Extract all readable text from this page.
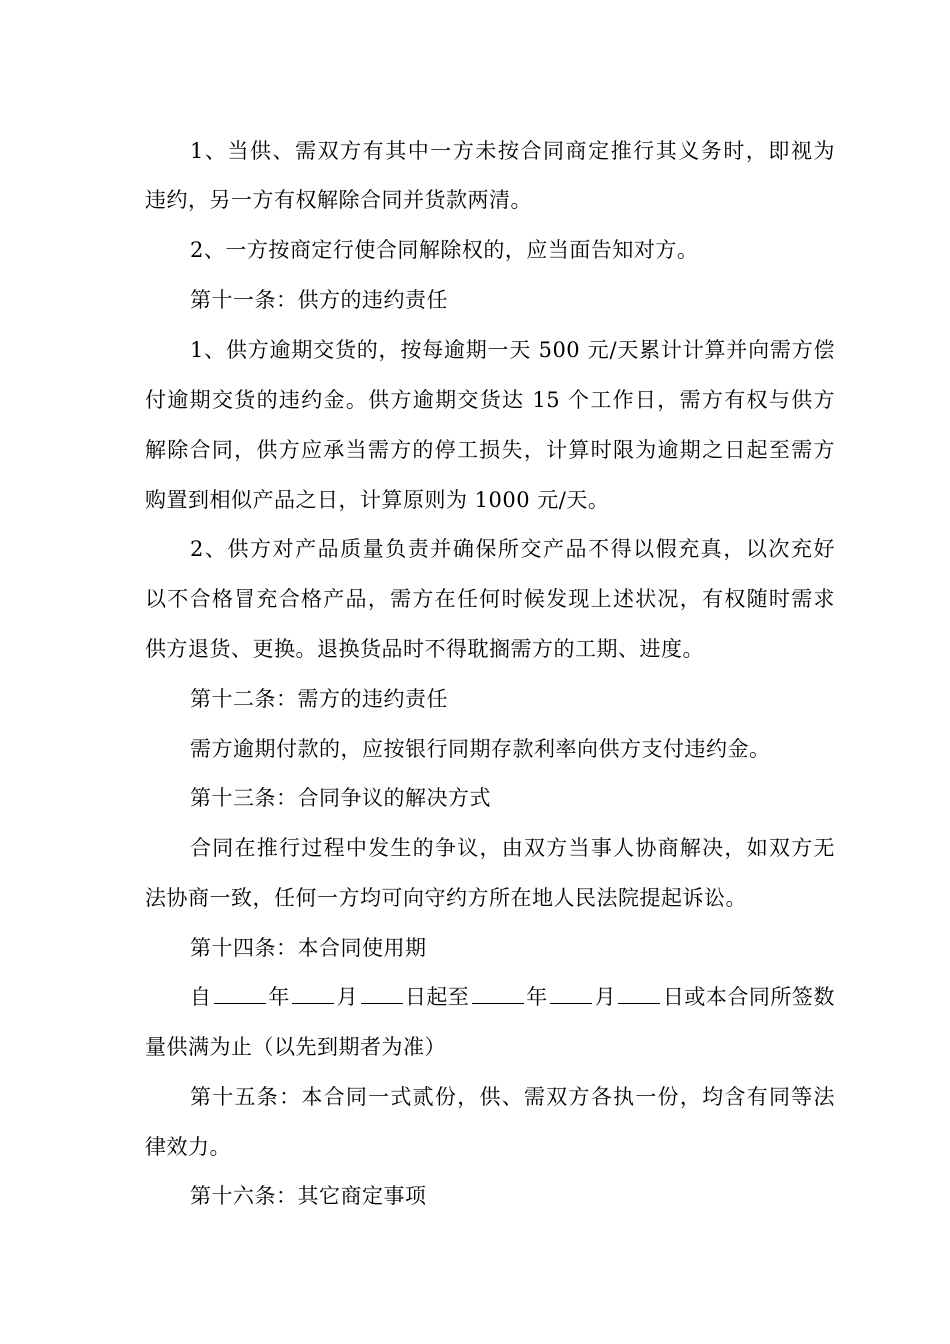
1、当供、需双方有其中一方未按合同商定推行其义务时，即视为
违约，另一方有权解除合同并货款两清。
2、一方按商定行使合同解除权的，应当面告知对方。
第十一条：供方的违约责任
1、供方逾期交货的，按每逾期一天 500 元/天累计计算并向需方偿
付逾期交货的违约金。供方逾期交货达 15 个工作日，需方有权与供方
解除合同，供方应承当需方的停工损失，计算时限为逾期之日起至需方
购置到相似产品之日，计算原则为 1000 元/天。
2、供方对产品质量负责并确保所交产品不得以假充真，以次充好
以不合格冒充合格产品，需方在任何时候发现上述状况，有权随时需求
供方退货、更换。退换货品时不得耽搁需方的工期、进度。
第十二条：需方的违约责任
需方逾期付款的，应按银行同期存款利率向供方支付违约金。
第十三条：合同争议的解决方式
合同在推行过程中发生的争议，由双方当事人协商解决，如双方无
法协商一致，任何一方均可向守约方所在地人民法院提起诉讼。
第十四条：本合同使用期
自	年 月 日起至	年 月 日或本合同所签数
量供满为止（以先到期者为准）
第十五条：本合同一式贰份，供、需双方各执一份，均含有同等法
律效力。
第十六条：其它商定事项
